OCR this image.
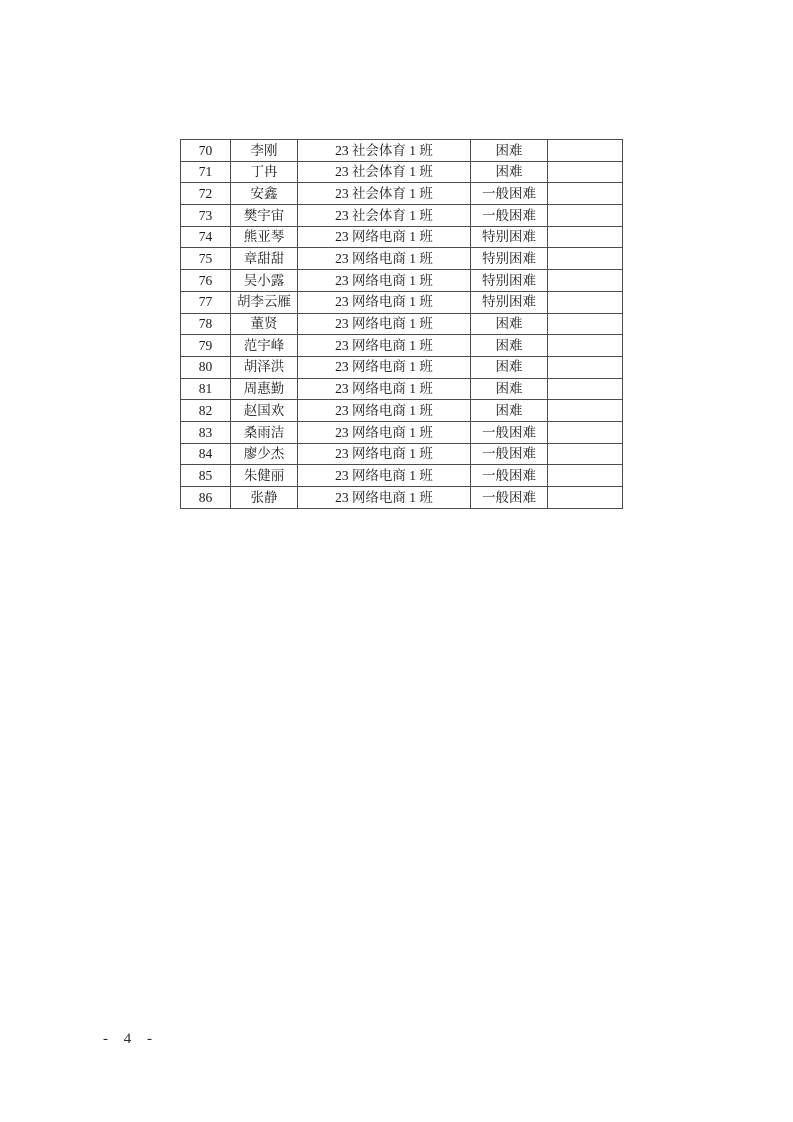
70	李刚	23 社会体育 1 班	困难	
71	丁冉	23 社会体育 1 班	困难	
72	安鑫	23 社会体育 1 班	一般困难	
73	樊宇宙	23 社会体育 1 班	一般困难	
74	熊亚琴	23 网络电商 1 班	特别困难	
75	章甜甜	23 网络电商 1 班	特别困难	
76	吴小露	23 网络电商 1 班	特别困难	
77	胡李云雁	23 网络电商 1 班	特别困难	
78	董贤	23 网络电商 1 班	困难	
79	范宇峰	23 网络电商 1 班	困难	
80	胡泽洪	23 网络电商 1 班	困难	
81	周惠勤	23 网络电商 1 班	困难	
82	赵国欢	23 网络电商 1 班	困难	
83	桑雨洁	23 网络电商 1 班	一般困难	
84	廖少杰	23 网络电商 1 班	一般困难	
85	朱健丽	23 网络电商 1 班	一般困难	
86	张静	23 网络电商 1 班	一般困难	
- 4 -
